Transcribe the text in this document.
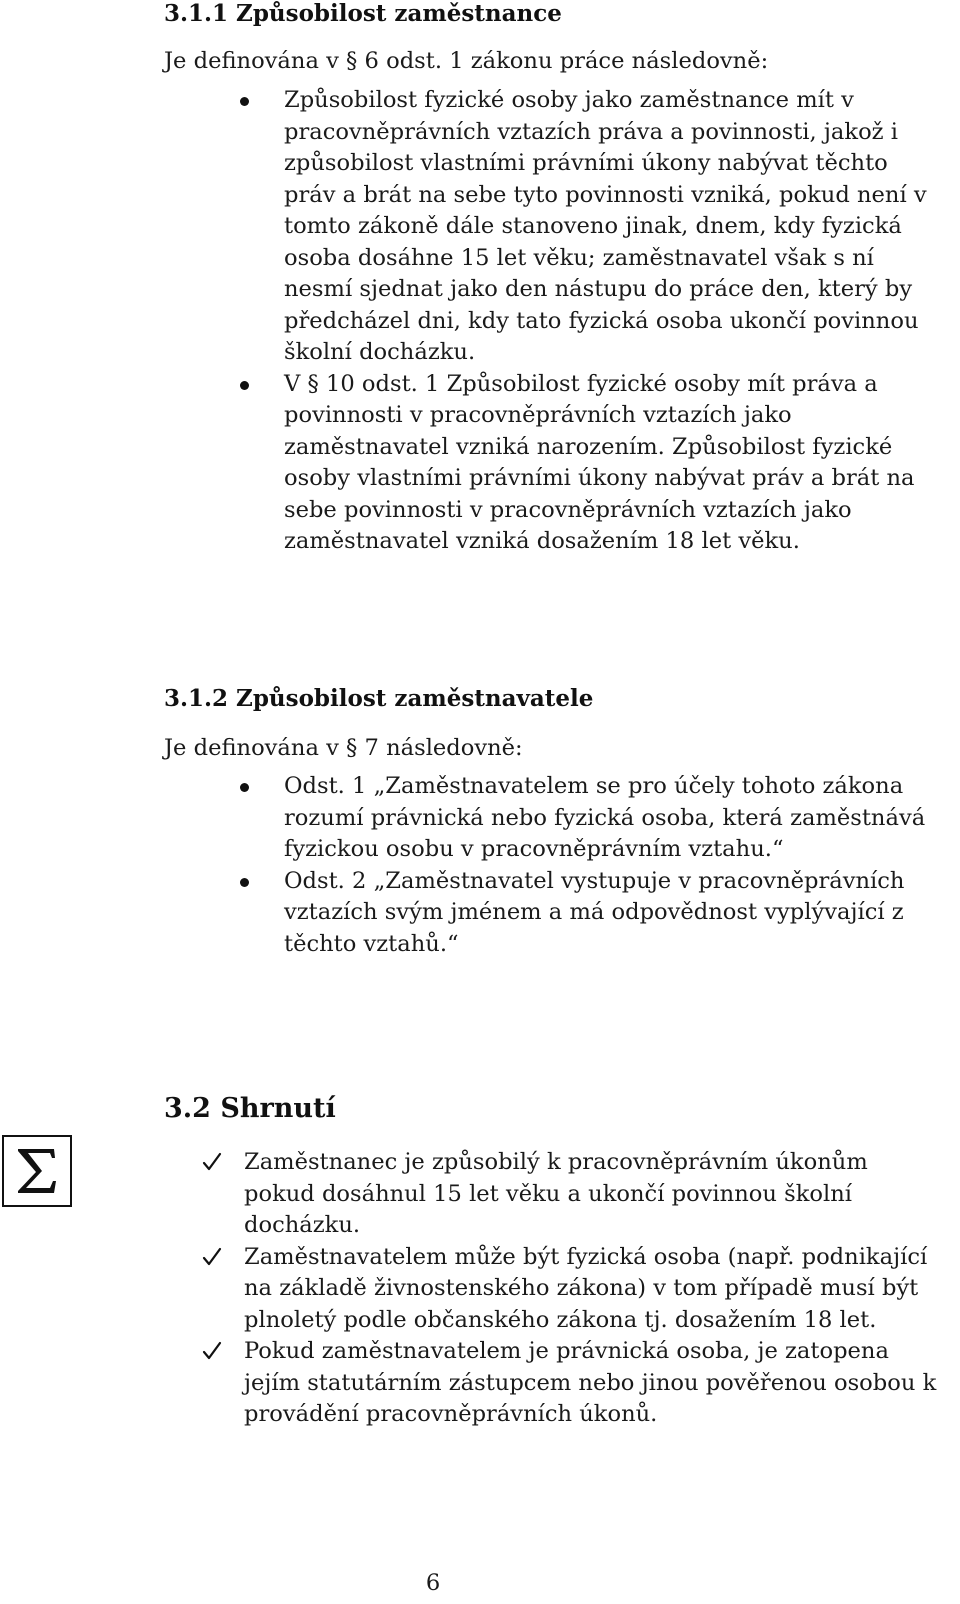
3.1.1 Způsobilost zaměstnance

Je definována v § 6 odst. 1 zákonu práce následovně:

Způsobilost fyzické osoby jako zaměstnance mít v pracovněprávních vztazích práva a povinnosti, jakož i způsobilost vlastními právními úkony nabývat těchto práv a brát na sebe tyto povinnosti vzniká, pokud není v tomto zákoně dále stanoveno jinak, dnem, kdy fyzická osoba dosáhne 15 let věku; zaměstnavatel však s ní nesmí sjednat jako den nástupu do práce den, který by předcházel dni, kdy tato fyzická osoba ukončí povinnou školní docházku.
V § 10 odst. 1 Způsobilost fyzické osoby mít práva a povinnosti v pracovněprávních vztazích jako zaměstnavatel vzniká narozením. Způsobilost fyzické osoby vlastními právními úkony nabývat práv a brát na sebe povinnosti v pracovněprávních vztazích jako zaměstnavatel vzniká dosažením 18 let věku.
3.1.2 Způsobilost zaměstnavatele

Je definována v § 7 následovně:

Odst. 1 „Zaměstnavatelem se pro účely tohoto zákona rozumí právnická nebo fyzická osoba, která zaměstnává fyzickou osobu v pracovněprávním vztahu.“
Odst. 2 „Zaměstnavatel vystupuje v pracovněprávních vztazích svým jménem a má odpovědnost vyplývající z těchto vztahů.“
3.2 Shrnutí
Zaměstnanec je způsobilý k pracovněprávním úkonům pokud dosáhnul 15 let věku a ukončí povinnou školní docházku.
Zaměstnavatelem může být fyzická osoba (např. podnikající na základě živnostenského zákona) v tom případě musí být plnoletý podle občanského zákona tj. dosažením 18 let.
Pokud zaměstnavatelem je právnická osoba, je zatopena jejím statutárním zástupcem nebo jinou pověřenou osobou k provádění pracovněprávních úkonů.
6
